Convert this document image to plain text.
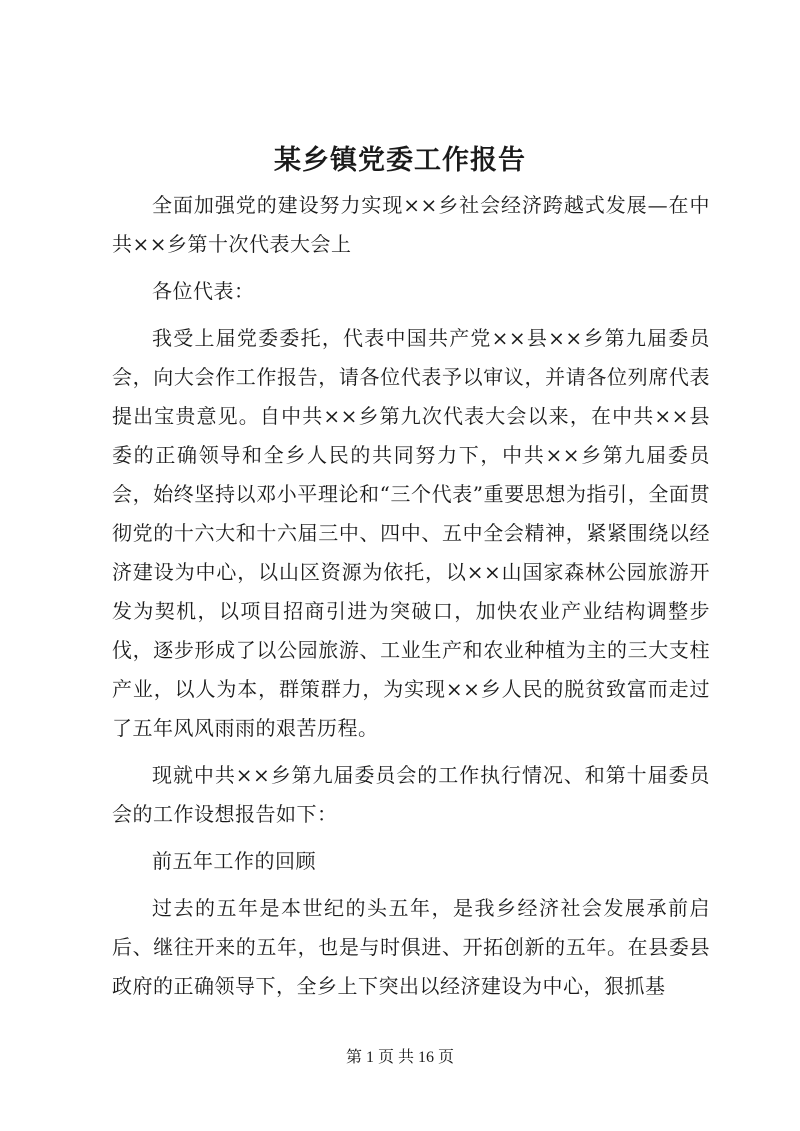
某乡镇党委工作报告

全面加强党的建设努力实现××乡社会经济跨越式发展—在中共××乡第十次代表大会上

各位代表：

我受上届党委委托，代表中国共产党××县××乡第九届委员会，向大会作工作报告，请各位代表予以审议，并请各位列席代表提出宝贵意见。自中共××乡第九次代表大会以来，在中共××县委的正确领导和全乡人民的共同努力下，中共××乡第九届委员会，始终坚持以邓小平理论和“三个代表”重要思想为指引，全面贯彻党的十六大和十六届三中、四中、五中全会精神，紧紧围绕以经济建设为中心，以山区资源为依托，以××山国家森林公园旅游开发为契机，以项目招商引进为突破口，加快农业产业结构调整步伐，逐步形成了以公园旅游、工业生产和农业种植为主的三大支柱产业，以人为本，群策群力，为实现××乡人民的脱贫致富而走过了五年风风雨雨的艰苦历程。

现就中共××乡第九届委员会的工作执行情况、和第十届委员会的工作设想报告如下：

前五年工作的回顾

过去的五年是本世纪的头五年，是我乡经济社会发展承前启后、继往开来的五年，也是与时俱进、开拓创新的五年。在县委县政府的正确领导下，全乡上下突出以经济建设为中心，狠抓基

第 1 页 共 16 页
